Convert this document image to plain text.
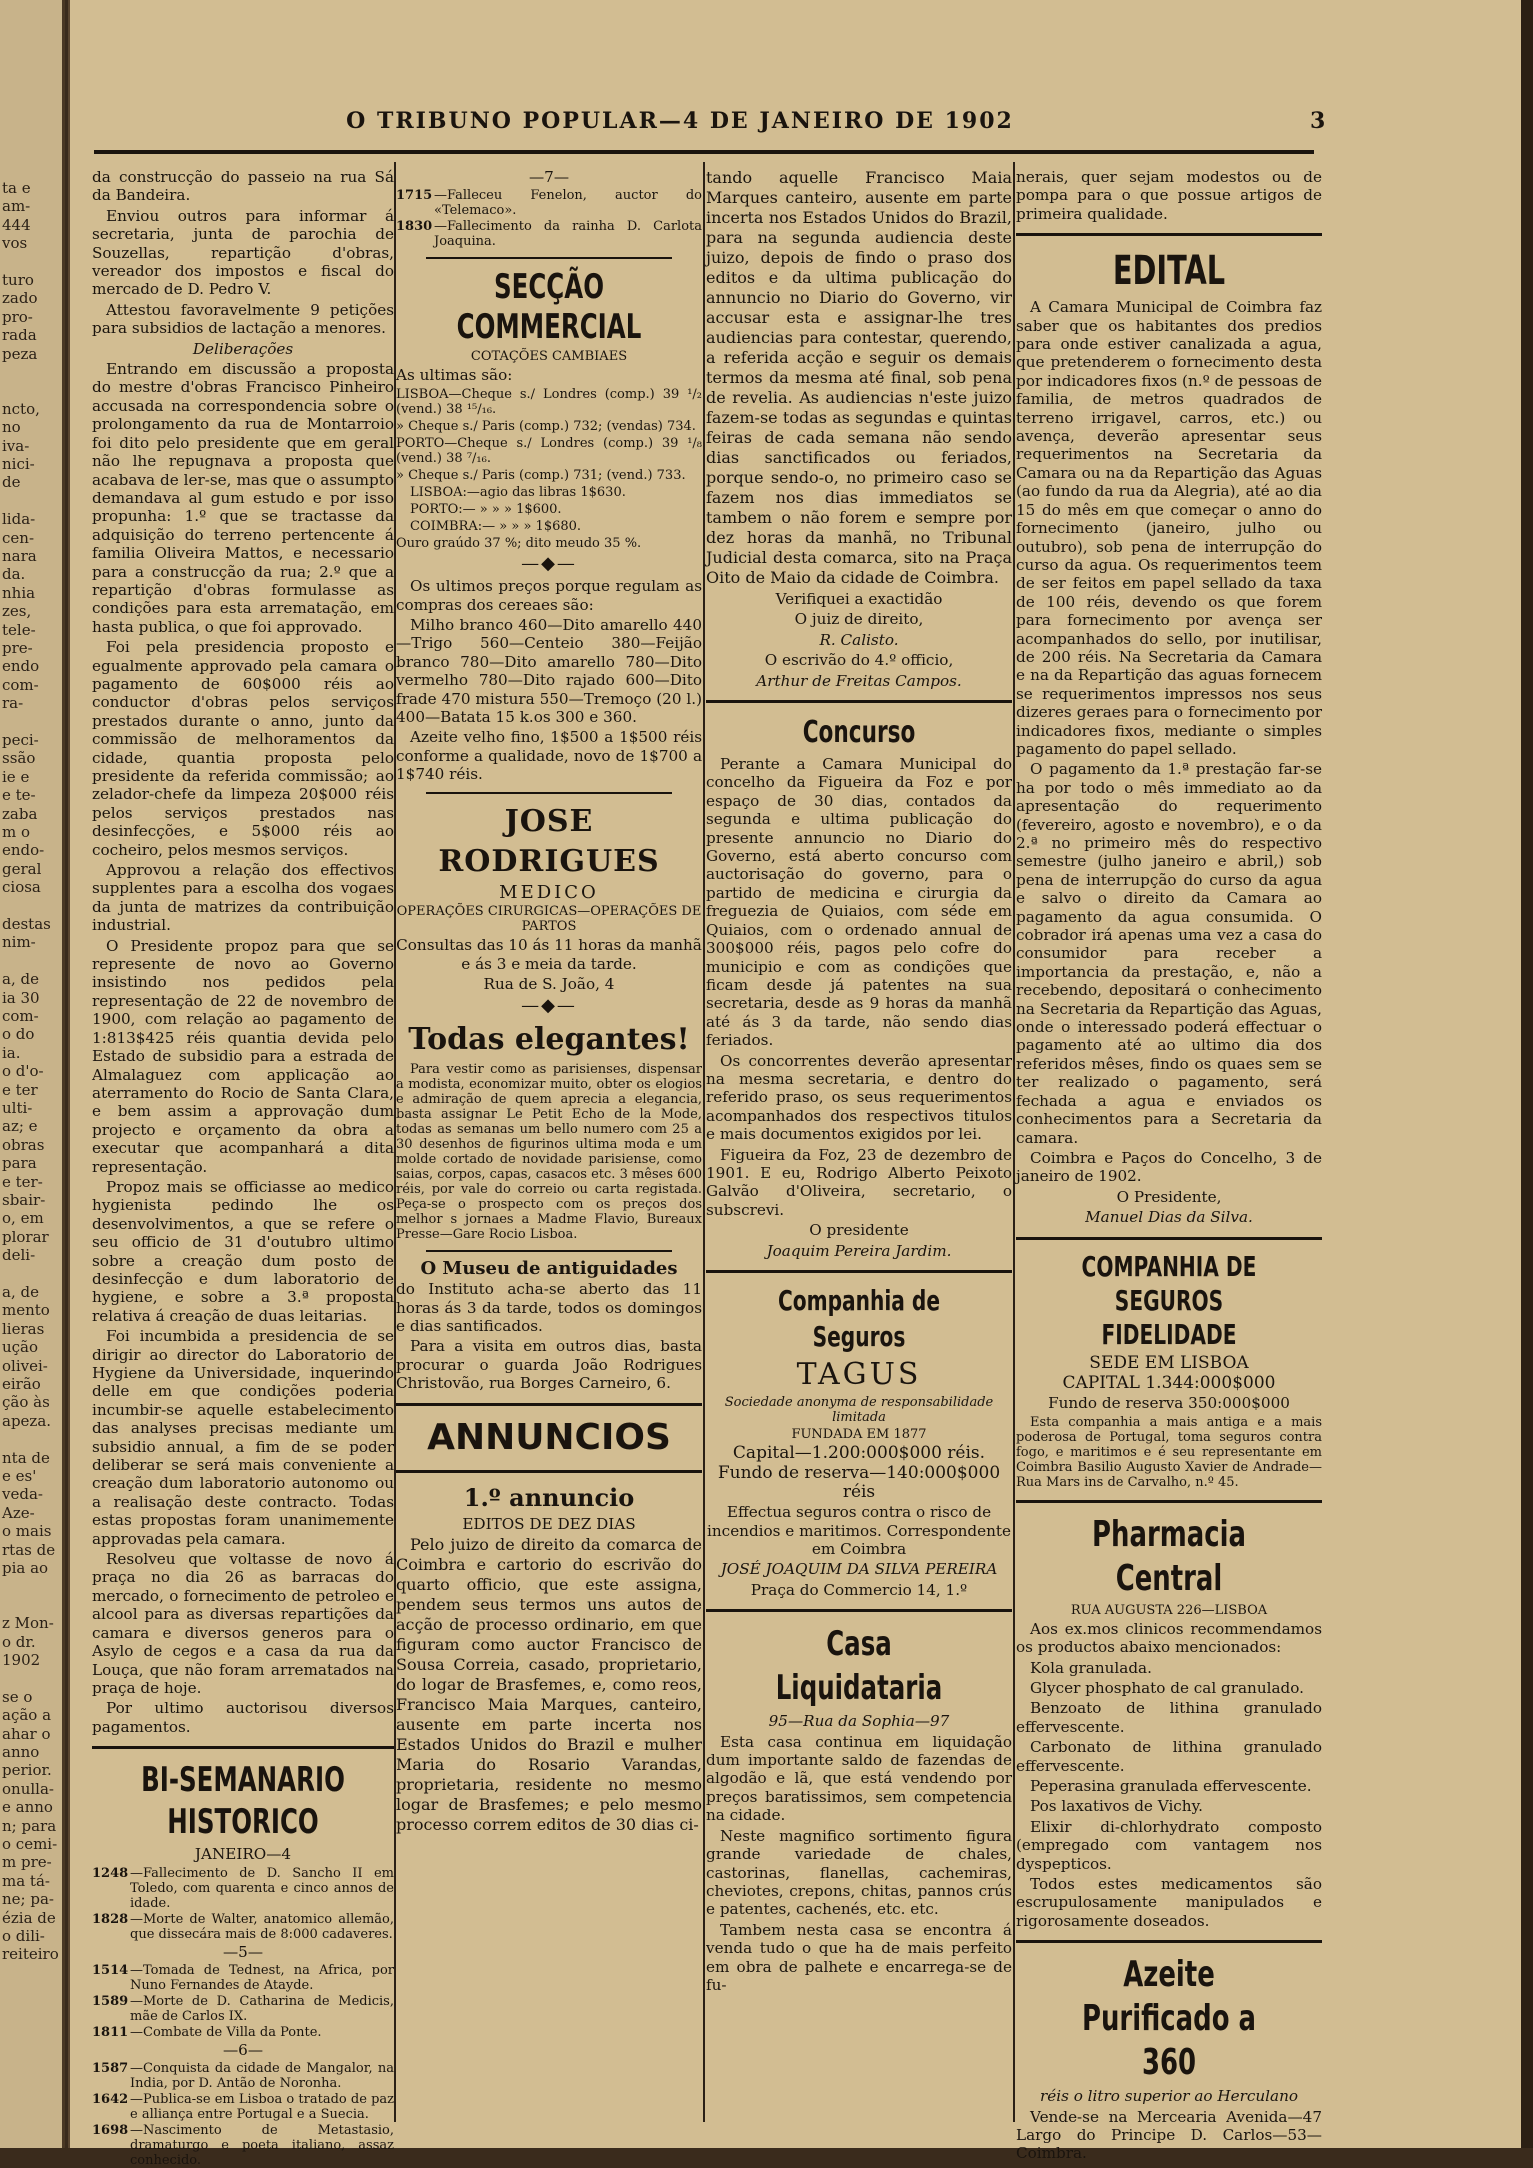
ta e
am-
444
vos
turo
zado
pro-
rada
peza
ncto,
no
iva-
nici-
de
lida-
cen-
nara
da.
nhia
zes,
tele-
pre-
endo
com-
ra-
peci-
ssão
ie e
e te-
zaba
m o
endo-
geral
ciosa
destas
nim-
a, de
ia 30
com-
o do
ia.
o d'o-
e ter
ulti-
az; e
obras
para
e ter-
sbair-
o, em
plorar
deli-
a, de
mento
lieras
ução
olivei-
eirão
ção às
apeza.
nta de
e es'
veda-
Aze-
o mais
rtas de
pia ao
z Mon-
o dr.
1902
se o
ação a
ahar o
anno
perior.
onulla-
e anno
n; para
o cemi-
m pre-
ma tá-
ne; pa-
ézia de
o dili-
reiteiro
O TRIBUNO POPULAR—4 DE JANEIRO DE 1902	3

da construcção do passeio na rua Sá da Bandeira.

Enviou outros para informar á secretaria, junta de parochia de Souzellas, repartição d'obras, vereador dos impostos e fiscal do mercado de D. Pedro V.

Attestou favoravelmente 9 petições para subsidios de lactação a menores.

Deliberações

Entrando em discussão a proposta do mestre d'obras Francisco Pinheiro accusada na correspondencia sobre o prolongamento da rua de Montarroio foi dito pelo presidente que em geral não lhe repugnava a proposta que acabava de ler-se, mas que o assumpto demandava al gum estudo e por isso propunha: 1.º que se tractasse da adquisição do terreno pertencente á familia Oliveira Mattos, e necessario para a construcção da rua; 2.º que a repartição d'obras formulasse as condições para esta arrematação, em hasta publica, o que foi approvado.

Foi pela presidencia proposto e egualmente approvado pela camara o pagamento de 60$000 réis ao conductor d'obras pelos serviços prestados durante o anno, junto da commissão de melhoramentos da cidade, quantia proposta pelo presidente da referida commissão; ao zelador-chefe da limpeza 20$000 réis pelos serviços prestados nas desinfecções, e 5$000 réis ao cocheiro, pelos mesmos serviços.

Approvou a relação dos effectivos supplentes para a escolha dos vogaes da junta de matrizes da contribuição industrial.

O Presidente propoz para que se represente de novo ao Governo insistindo nos pedidos pela representação de 22 de novembro de 1900, com relação ao pagamento de 1:813$425 réis quantia devida pelo Estado de subsidio para a estrada de Almalaguez com applicação ao aterramento do Rocio de Santa Clara, e bem assim a approvação dum projecto e orçamento da obra a executar que acompanhará a dita representação.

Propoz mais se officiasse ao medico hygienista pedindo lhe os desenvolvimentos, a que se refere o seu officio de 31 d'outubro ultimo sobre a creação dum posto de desinfecção e dum laboratorio de hygiene, e sobre a 3.ª proposta relativa á creação de duas leitarias.

Foi incumbida a presidencia de se dirigir ao director do Laboratorio de Hygiene da Universidade, inquerindo delle em que condições poderia incumbir-se aquelle estabelecimento das analyses precisas mediante um subsidio annual, a fim de se poder deliberar se será mais conveniente a creação dum laboratorio autonomo ou a realisação deste contracto. Todas estas propostas foram unanimemente approvadas pela camara.

Resolveu que voltasse de novo á praça no dia 26 as barracas do mercado, o fornecimento de petroleo e alcool para as diversas repartições da camara e diversos generos para o Asylo de cegos e a casa da rua da Louça, que não foram arrematados na praça de hoje.

Por ultimo auctorisou diversos pagamentos.

BI-SEMANARIO HISTORICO

JANEIRO—4

1248 —Fallecimento de D. Sancho II em Toledo, com quarenta e cinco annos de idade.
1828 —Morte de Walter, anatomico allemão, que dissecára mais de 8:000 cadaveres.

—5—

1514 —Tomada de Tednest, na Africa, por Nuno Fernandes de Atayde.
1589 —Morte de D. Catharina de Medicis, mãe de Carlos IX.
1811 —Combate de Villa da Ponte.

—6—

1587 —Conquista da cidade de Mangalor, na India, por D. Antão de Noronha.
1642 —Publica-se em Lisboa o tratado de paz e alliança entre Portugal e a Suecia.
1698 —Nascimento de Metastasio, dramaturgo e poeta italiano, assaz conhecido.

—7—

1715 —Falleceu Fenelon, auctor do «Telemaco».
1830 —Fallecimento da rainha D. Carlota Joaquina.

SECÇÃO COMMERCIAL

COTAÇÕES CAMBIAES

As ultimas são:

LISBOA—Cheque s./ Londres (comp.) 39 ¹/₂ (vend.) 38 ¹⁵/₁₆.

» Cheque s./ Paris (comp.) 732; (vendas) 734.

PORTO—Cheque s./ Londres (comp.) 39 ¹/₈ (vend.) 38 ⁷/₁₆.

» Cheque s./ Paris (comp.) 731; (vend.) 733.

LISBOA:—agio das libras 1$630.

PORTO:— » » » 1$600.

COIMBRA:— » » » 1$680.

Ouro graúdo 37 %; dito meudo 35 %.

—◆—

Os ultimos preços porque regulam as compras dos cereaes são:

Milho branco 460—Dito amarello 440—Trigo 560—Centeio 380—Feijão branco 780—Dito amarello 780—Dito vermelho 780—Dito rajado 600—Dito frade 470 mistura 550—Tremoço (20 l.) 400—Batata 15 k.os 300 e 360.

Azeite velho fino, 1$500 a 1$500 réis conforme a qualidade, novo de 1$700 a 1$740 réis.

JOSE RODRIGUES

MEDICO

OPERAÇÕES CIRURGICAS—OPERAÇÕES DE PARTOS

Consultas das 10 ás 11 horas da manhã e ás 3 e meia da tarde.

Rua de S. João, 4

—◆—

Todas elegantes!

Para vestir como as parisienses, dispensar a modista, economizar muito, obter os elogios e admiração de quem aprecia a elegancia, basta assignar Le Petit Echo de la Mode, todas as semanas um bello numero com 25 a 30 desenhos de figurinos ultima moda e um molde cortado de novidade parisiense, como saias, corpos, capas, casacos etc. 3 mêses 600 réis, por vale do correio ou carta registada. Peça-se o prospecto com os preços dos melhor s jornaes a Madme Flavio, Bureaux Presse—Gare Rocio Lisboa.

O Museu de antiguidades

do Instituto acha-se aberto das 11 horas ás 3 da tarde, todos os domingos e dias santificados.

Para a visita em outros dias, basta procurar o guarda João Rodrigues Christovão, rua Borges Carneiro, 6.

ANNUNCIOS

1.º annuncio

EDITOS DE DEZ DIAS

Pelo juizo de direito da comarca de Coimbra e cartorio do escrivão do quarto officio, que este assigna, pendem seus termos uns autos de acção de processo ordinario, em que figuram como auctor Francisco de Sousa Correia, casado, proprietario, do logar de Brasfemes, e, como reos, Francisco Maia Marques, canteiro, ausente em parte incerta nos Estados Unidos do Brazil e mulher Maria do Rosario Varandas, proprietaria, residente no mesmo logar de Brasfemes; e pelo mesmo processo correm editos de 30 dias ci-

tando aquelle Francisco Maia Marques canteiro, ausente em parte incerta nos Estados Unidos do Brazil, para na segunda audiencia deste juizo, depois de findo o praso dos editos e da ultima publicação do annuncio no Diario do Governo, vir accusar esta e assignar-lhe tres audiencias para contestar, querendo, a referida acção e seguir os demais termos da mesma até final, sob pena de revelia. As audiencias n'este juizo fazem-se todas as segundas e quintas feiras de cada semana não sendo dias sanctificados ou feriados, porque sendo-o, no primeiro caso se fazem nos dias immediatos se tambem o não forem e sempre por dez horas da manhã, no Tribunal Judicial desta comarca, sito na Praça Oito de Maio da cidade de Coimbra.

Verifiquei a exactidão

O juiz de direito,

R. Calisto.

O escrivão do 4.º officio,

Arthur de Freitas Campos.

Concurso

Perante a Camara Municipal do concelho da Figueira da Foz e por espaço de 30 dias, contados da segunda e ultima publicação do presente annuncio no Diario do Governo, está aberto concurso com auctorisação do governo, para o partido de medicina e cirurgia da freguezia de Quiaios, com séde em Quiaios, com o ordenado annual de 300$000 réis, pagos pelo cofre do municipio e com as condições que ficam desde já patentes na sua secretaria, desde as 9 horas da manhã até ás 3 da tarde, não sendo dias feriados.

Os concorrentes deverão apresentar na mesma secretaria, e dentro do referido praso, os seus requerimentos acompanhados dos respectivos titulos e mais documentos exigidos por lei.

Figueira da Foz, 23 de dezembro de 1901. E eu, Rodrigo Alberto Peixoto Galvão d'Oliveira, secretario, o subscrevi.

O presidente

Joaquim Pereira Jardim.

Companhia de Seguros

TAGUS

Sociedade anonyma de responsabilidade limitada

FUNDADA EM 1877

Capital—1.200:000$000 réis.

Fundo de reserva—140:000$000 réis

Effectua seguros contra o risco de incendios e maritimos. Correspondente em Coimbra

JOSÉ JOAQUIM DA SILVA PEREIRA

Praça do Commercio 14, 1.º

Casa Liquidataria

95—Rua da Sophia—97

Esta casa continua em liquidação dum importante saldo de fazendas de algodão e lã, que está vendendo por preços baratissimos, sem competencia na cidade.

Neste magnifico sortimento figura grande variedade de chales, castorinas, flanellas, cachemiras, cheviotes, crepons, chitas, pannos crús e patentes, cachenés, etc. etc.

Tambem nesta casa se encontra á venda tudo o que ha de mais perfeito em obra de palhete e encarrega-se de fu-

nerais, quer sejam modestos ou de pompa para o que possue artigos de primeira qualidade.

EDITAL

A Camara Municipal de Coimbra faz saber que os habitantes dos predios para onde estiver canalizada a agua, que pretenderem o fornecimento desta por indicadores fixos (n.º de pessoas de familia, de metros quadrados de terreno irrigavel, carros, etc.) ou avença, deverão apresentar seus requerimentos na Secretaria da Camara ou na da Repartição das Aguas (ao fundo da rua da Alegria), até ao dia 15 do mês em que começar o anno do fornecimento (janeiro, julho ou outubro), sob pena de interrupção do curso da agua. Os requerimentos teem de ser feitos em papel sellado da taxa de 100 réis, devendo os que forem para fornecimento por avença ser acompanhados do sello, por inutilisar, de 200 réis. Na Secretaria da Camara e na da Repartição das aguas fornecem se requerimentos impressos nos seus dizeres geraes para o fornecimento por indicadores fixos, mediante o simples pagamento do papel sellado.

O pagamento da 1.ª prestação far-se ha por todo o mês immediato ao da apresentação do requerimento (fevereiro, agosto e novembro), e o da 2.ª no primeiro mês do respectivo semestre (julho janeiro e abril,) sob pena de interrupção do curso da agua e salvo o direito da Camara ao pagamento da agua consumida. O cobrador irá apenas uma vez a casa do consumidor para receber a importancia da prestação, e, não a recebendo, depositará o conhecimento na Secretaria da Repartição das Aguas, onde o interessado poderá effectuar o pagamento até ao ultimo dia dos referidos mêses, findo os quaes sem se ter realizado o pagamento, será fechada a agua e enviados os conhecimentos para a Secretaria da camara.

Coimbra e Paços do Concelho, 3 de janeiro de 1902.

O Presidente,

Manuel Dias da Silva.

COMPANHIA DE SEGUROS FIDELIDADE

SEDE EM LISBOA

CAPITAL 1.344:000$000

Fundo de reserva 350:000$000

Esta companhia a mais antiga e a mais poderosa de Portugal, toma seguros contra fogo, e maritimos e é seu representante em Coimbra Basilio Augusto Xavier de Andrade—Rua Mars ins de Carvalho, n.º 45.

Pharmacia Central

RUA AUGUSTA 226—LISBOA

Aos ex.mos clinicos recommendamos os productos abaixo mencionados:

Kola granulada.

Glycer phosphato de cal granulado.

Benzoato de lithina granulado effervescente.

Carbonato de lithina granulado effervescente.

Peperasina granulada effervescente.

Pos laxativos de Vichy.

Elixir di-chlorhydrato composto (empregado com vantagem nos dyspepticos.

Todos estes medicamentos são escrupulosamente manipulados e rigorosamente doseados.

Azeite Purificado a 360

réis o litro superior ao Herculano

Vende-se na Mercearia Avenida—47 Largo do Principe D. Carlos—53—Coimbra.
